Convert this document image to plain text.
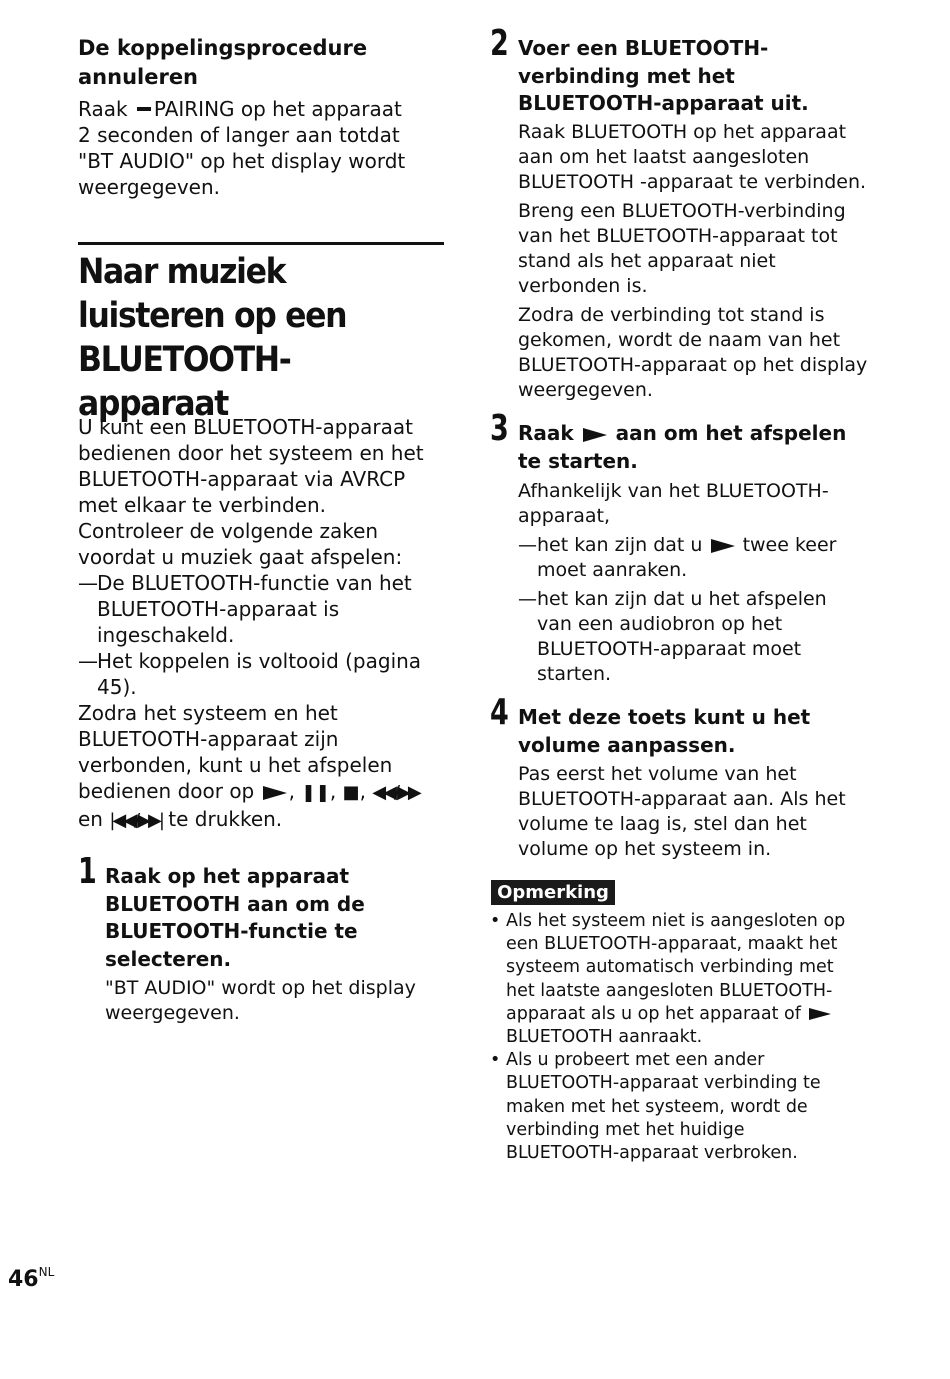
De koppelingsprocedure annuleren
Raak PAIRING op het apparaat 2 seconden of langer aan totdat "BT AUDIO" op het display wordt weergegeven.
Naar muziek luisteren op een BLUETOOTH-apparaat
U kunt een BLUETOOTH-apparaat bedienen door het systeem en het BLUETOOTH-apparaat via AVRCP met elkaar te verbinden.
Controleer de volgende zaken voordat u muziek gaat afspelen:
— De BLUETOOTH-functie van het BLUETOOTH-apparaat is ingeschakeld.
— Het koppelen is voltooid (pagina 45).
Zodra het systeem en het BLUETOOTH-apparaat zijn verbonden, kunt u het afspelen bedienen door op , ❚❚, ■, ◀◀/▶▶ en |◀◀/▶▶| te drukken.
1 Raak op het apparaat BLUETOOTH aan om de BLUETOOTH-functie te selecteren.
"BT AUDIO" wordt op het display weergegeven.
2 Voer een BLUETOOTH-verbinding met het BLUETOOTH-apparaat uit.
Raak BLUETOOTH op het apparaat aan om het laatst aangesloten BLUETOOTH -apparaat te verbinden.
Breng een BLUETOOTH-verbinding van het BLUETOOTH-apparaat tot stand als het apparaat niet verbonden is.
Zodra de verbinding tot stand is gekomen, wordt de naam van het BLUETOOTH-apparaat op het display weergegeven.
3 Raak aan om het afspelen te starten.
Afhankelijk van het BLUETOOTH-apparaat,
— het kan zijn dat u twee keer moet aanraken.
— het kan zijn dat u het afspelen van een audiobron op het BLUETOOTH-apparaat moet starten.
4 Met deze toets kunt u het volume aanpassen.
Pas eerst het volume van het BLUETOOTH-apparaat aan. Als het volume te laag is, stel dan het volume op het systeem in.
Opmerking
• Als het systeem niet is aangesloten op een BLUETOOTH-apparaat, maakt het systeem automatisch verbinding met het laatste aangesloten BLUETOOTH-apparaat als u op het apparaat of  BLUETOOTH aanraakt.
• Als u probeert met een ander BLUETOOTH-apparaat verbinding te maken met het systeem, wordt de verbinding met het huidige BLUETOOTH-apparaat verbroken.
$46^{NL}$
